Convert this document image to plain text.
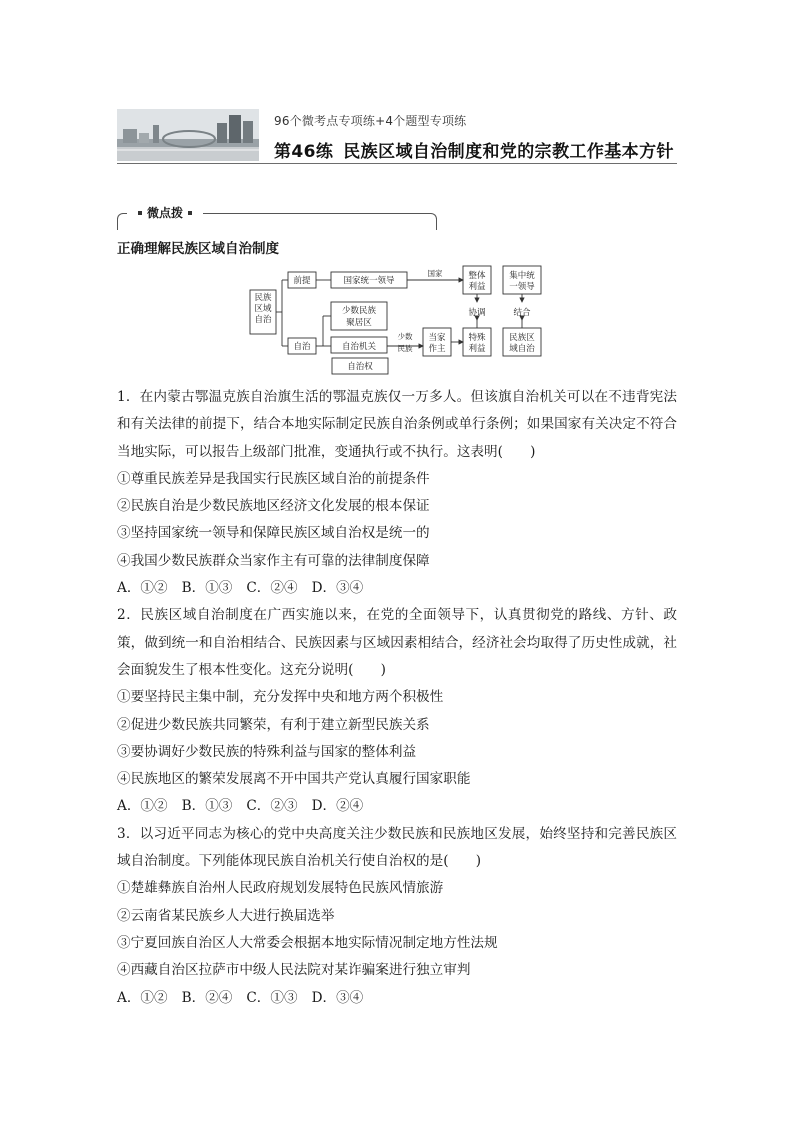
96个微考点专项练+4个题型专项练
第46练 民族区域自治制度和党的宗教工作基本方针
微点拨
正确理解民族区域自治制度
民族区域自治
前提
自治
国家统一领导
国家
少数民族聚居区
自治机关
少数民族
当家作主
整体利益
协调
特殊利益
集中统一领导
结合
民族区域自治
自治权

1．在内蒙古鄂温克族自治旗生活的鄂温克族仅一万多人。但该旗自治机关可以在不违背宪法和有关法律的前提下，结合本地实际制定民族自治条例或单行条例；如果国家有关决定不符合当地实际，可以报告上级部门批准，变通执行或不执行。这表明(　　)

①尊重民族差异是我国实行民族区域自治的前提条件

②民族自治是少数民族地区经济文化发展的根本保证

③坚持国家统一领导和保障民族区域自治权是统一的

④我国少数民族群众当家作主有可靠的法律制度保障

A．①② B．①③ C．②④ D．③④

2．民族区域自治制度在广西实施以来，在党的全面领导下，认真贯彻党的路线、方针、政策，做到统一和自治相结合、民族因素与区域因素相结合，经济社会均取得了历史性成就，社会面貌发生了根本性变化。这充分说明(　　)

①要坚持民主集中制，充分发挥中央和地方两个积极性

②促进少数民族共同繁荣，有利于建立新型民族关系

③要协调好少数民族的特殊利益与国家的整体利益

④民族地区的繁荣发展离不开中国共产党认真履行国家职能

A．①② B．①③ C．②③ D．②④

3．以习近平同志为核心的党中央高度关注少数民族和民族地区发展，始终坚持和完善民族区域自治制度。下列能体现民族自治机关行使自治权的是(　　)

①楚雄彝族自治州人民政府规划发展特色民族风情旅游

②云南省某民族乡人大进行换届选举

③宁夏回族自治区人大常委会根据本地实际情况制定地方性法规

④西藏自治区拉萨市中级人民法院对某诈骗案进行独立审判

A．①② B．②④ C．①③ D．③④
